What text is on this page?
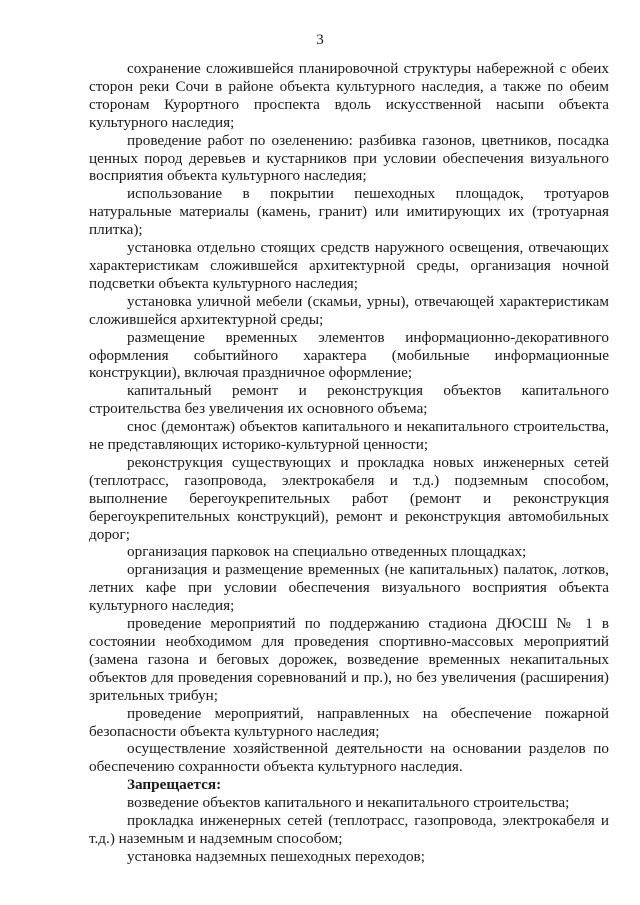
3

сохранение сложившейся планировочной структуры набережной с обеих сторон реки Сочи в районе объекта культурного наследия, а также по обеим сторонам Курортного проспекта вдоль искусственной насыпи объекта культурного наследия;

проведение работ по озеленению: разбивка газонов, цветников, посадка ценных пород деревьев и кустарников при условии обеспечения визуального восприятия объекта культурного наследия;

использование в покрытии пешеходных площадок, тротуаров натуральные материалы (камень, гранит) или имитирующих их (тротуарная плитка);

установка отдельно стоящих средств наружного освещения, отвечающих характеристикам сложившейся архитектурной среды, организация ночной подсветки объекта культурного наследия;

установка уличной мебели (скамьи, урны), отвечающей характеристикам сложившейся архитектурной среды;

размещение временных элементов информационно-декоративного оформления событийного характера (мобильные информационные конструкции), включая праздничное оформление;

капитальный ремонт и реконструкция объектов капитального строительства без увеличения их основного объема;

снос (демонтаж) объектов капитального и некапитального строительства, не представляющих историко-культурной ценности;

реконструкция существующих и прокладка новых инженерных сетей (теплотрасс, газопровода, электрокабеля и т.д.) подземным способом, выполнение берегоукрепительных работ (ремонт и реконструкция берегоукрепительных конструкций), ремонт и реконструкция автомобильных дорог;

организация парковок на специально отведенных площадках;

организация и размещение временных (не капитальных) палаток, лотков, летних кафе при условии обеспечения визуального восприятия объекта культурного наследия;

проведение мероприятий по поддержанию стадиона ДЮСШ № 1 в состоянии необходимом для проведения спортивно-массовых мероприятий (замена газона и беговых дорожек, возведение временных некапитальных объектов для проведения соревнований и пр.), но без увеличения (расширения) зрительных трибун;

проведение мероприятий, направленных на обеспечение пожарной безопасности объекта культурного наследия;

осуществление хозяйственной деятельности на основании разделов по обеспечению сохранности объекта культурного наследия.

Запрещается:

возведение объектов капитального и некапитального строительства;

прокладка инженерных сетей (теплотрасс, газопровода, электрокабеля и т.д.) наземным и надземным способом;

установка надземных пешеходных переходов;
